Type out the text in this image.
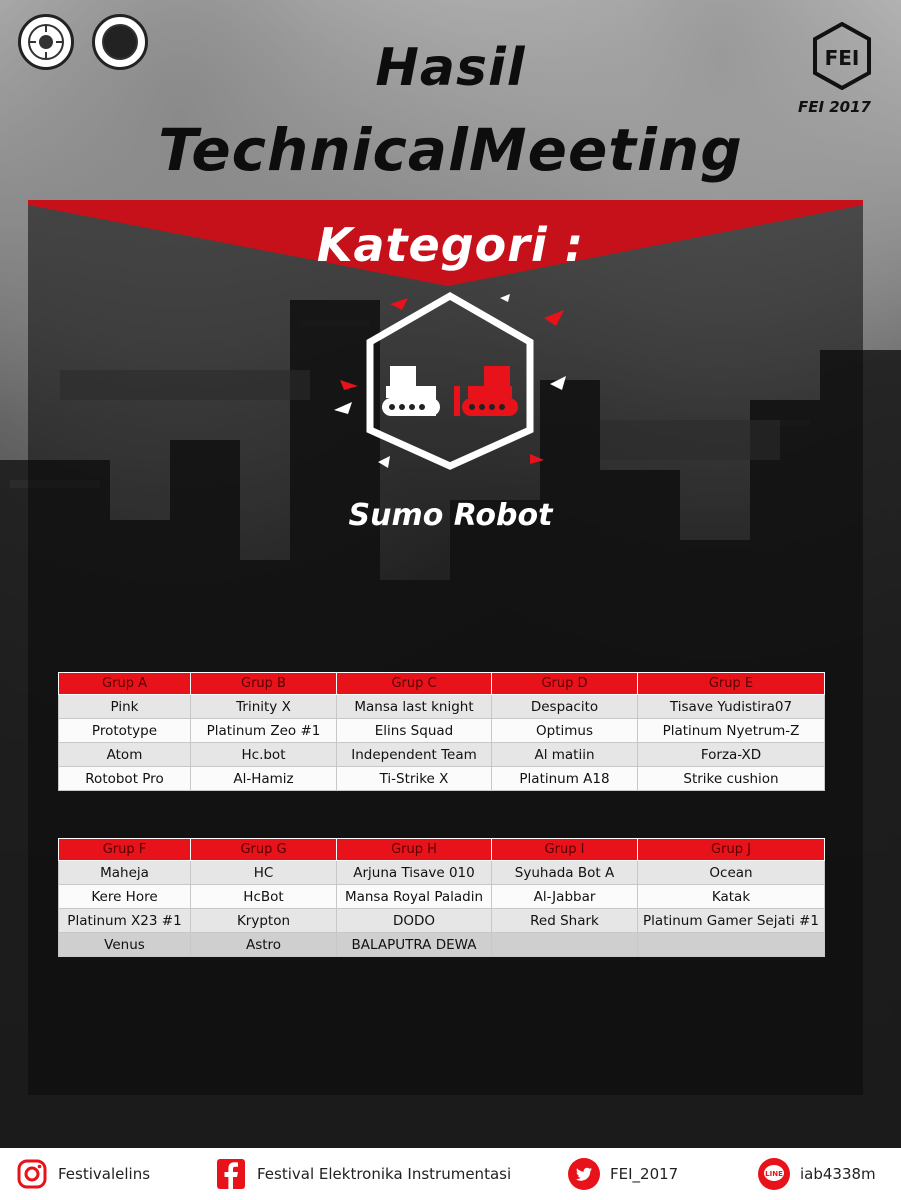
FEI
FEI 2017
Hasil
TechnicalMeeting
Kategori :
Sumo Robot
Grup A	Grup B	Grup C	Grup D	Grup E
Pink	Trinity X	Mansa last knight	Despacito	Tisave Yudistira07
Prototype	Platinum Zeo #1	Elins Squad	Optimus	Platinum Nyetrum-Z
Atom	Hc.bot	Independent Team	Al matiin	Forza-XD
Rotobot Pro	Al-Hamiz	Ti-Strike X	Platinum A18	Strike cushion
Grup F	Grup G	Grup H	Grup I	Grup J
Maheja	HC	Arjuna Tisave 010	Syuhada Bot A	Ocean
Kere Hore	HcBot	Mansa Royal Paladin	Al-Jabbar	Katak
Platinum X23 #1	Krypton	DODO	Red Shark	Platinum Gamer Sejati #1
Venus	Astro	BALAPUTRA DEWA		
Festivalelins	Festival Elektronika Instrumentasi	FEI_2017	LINE iab4338m
